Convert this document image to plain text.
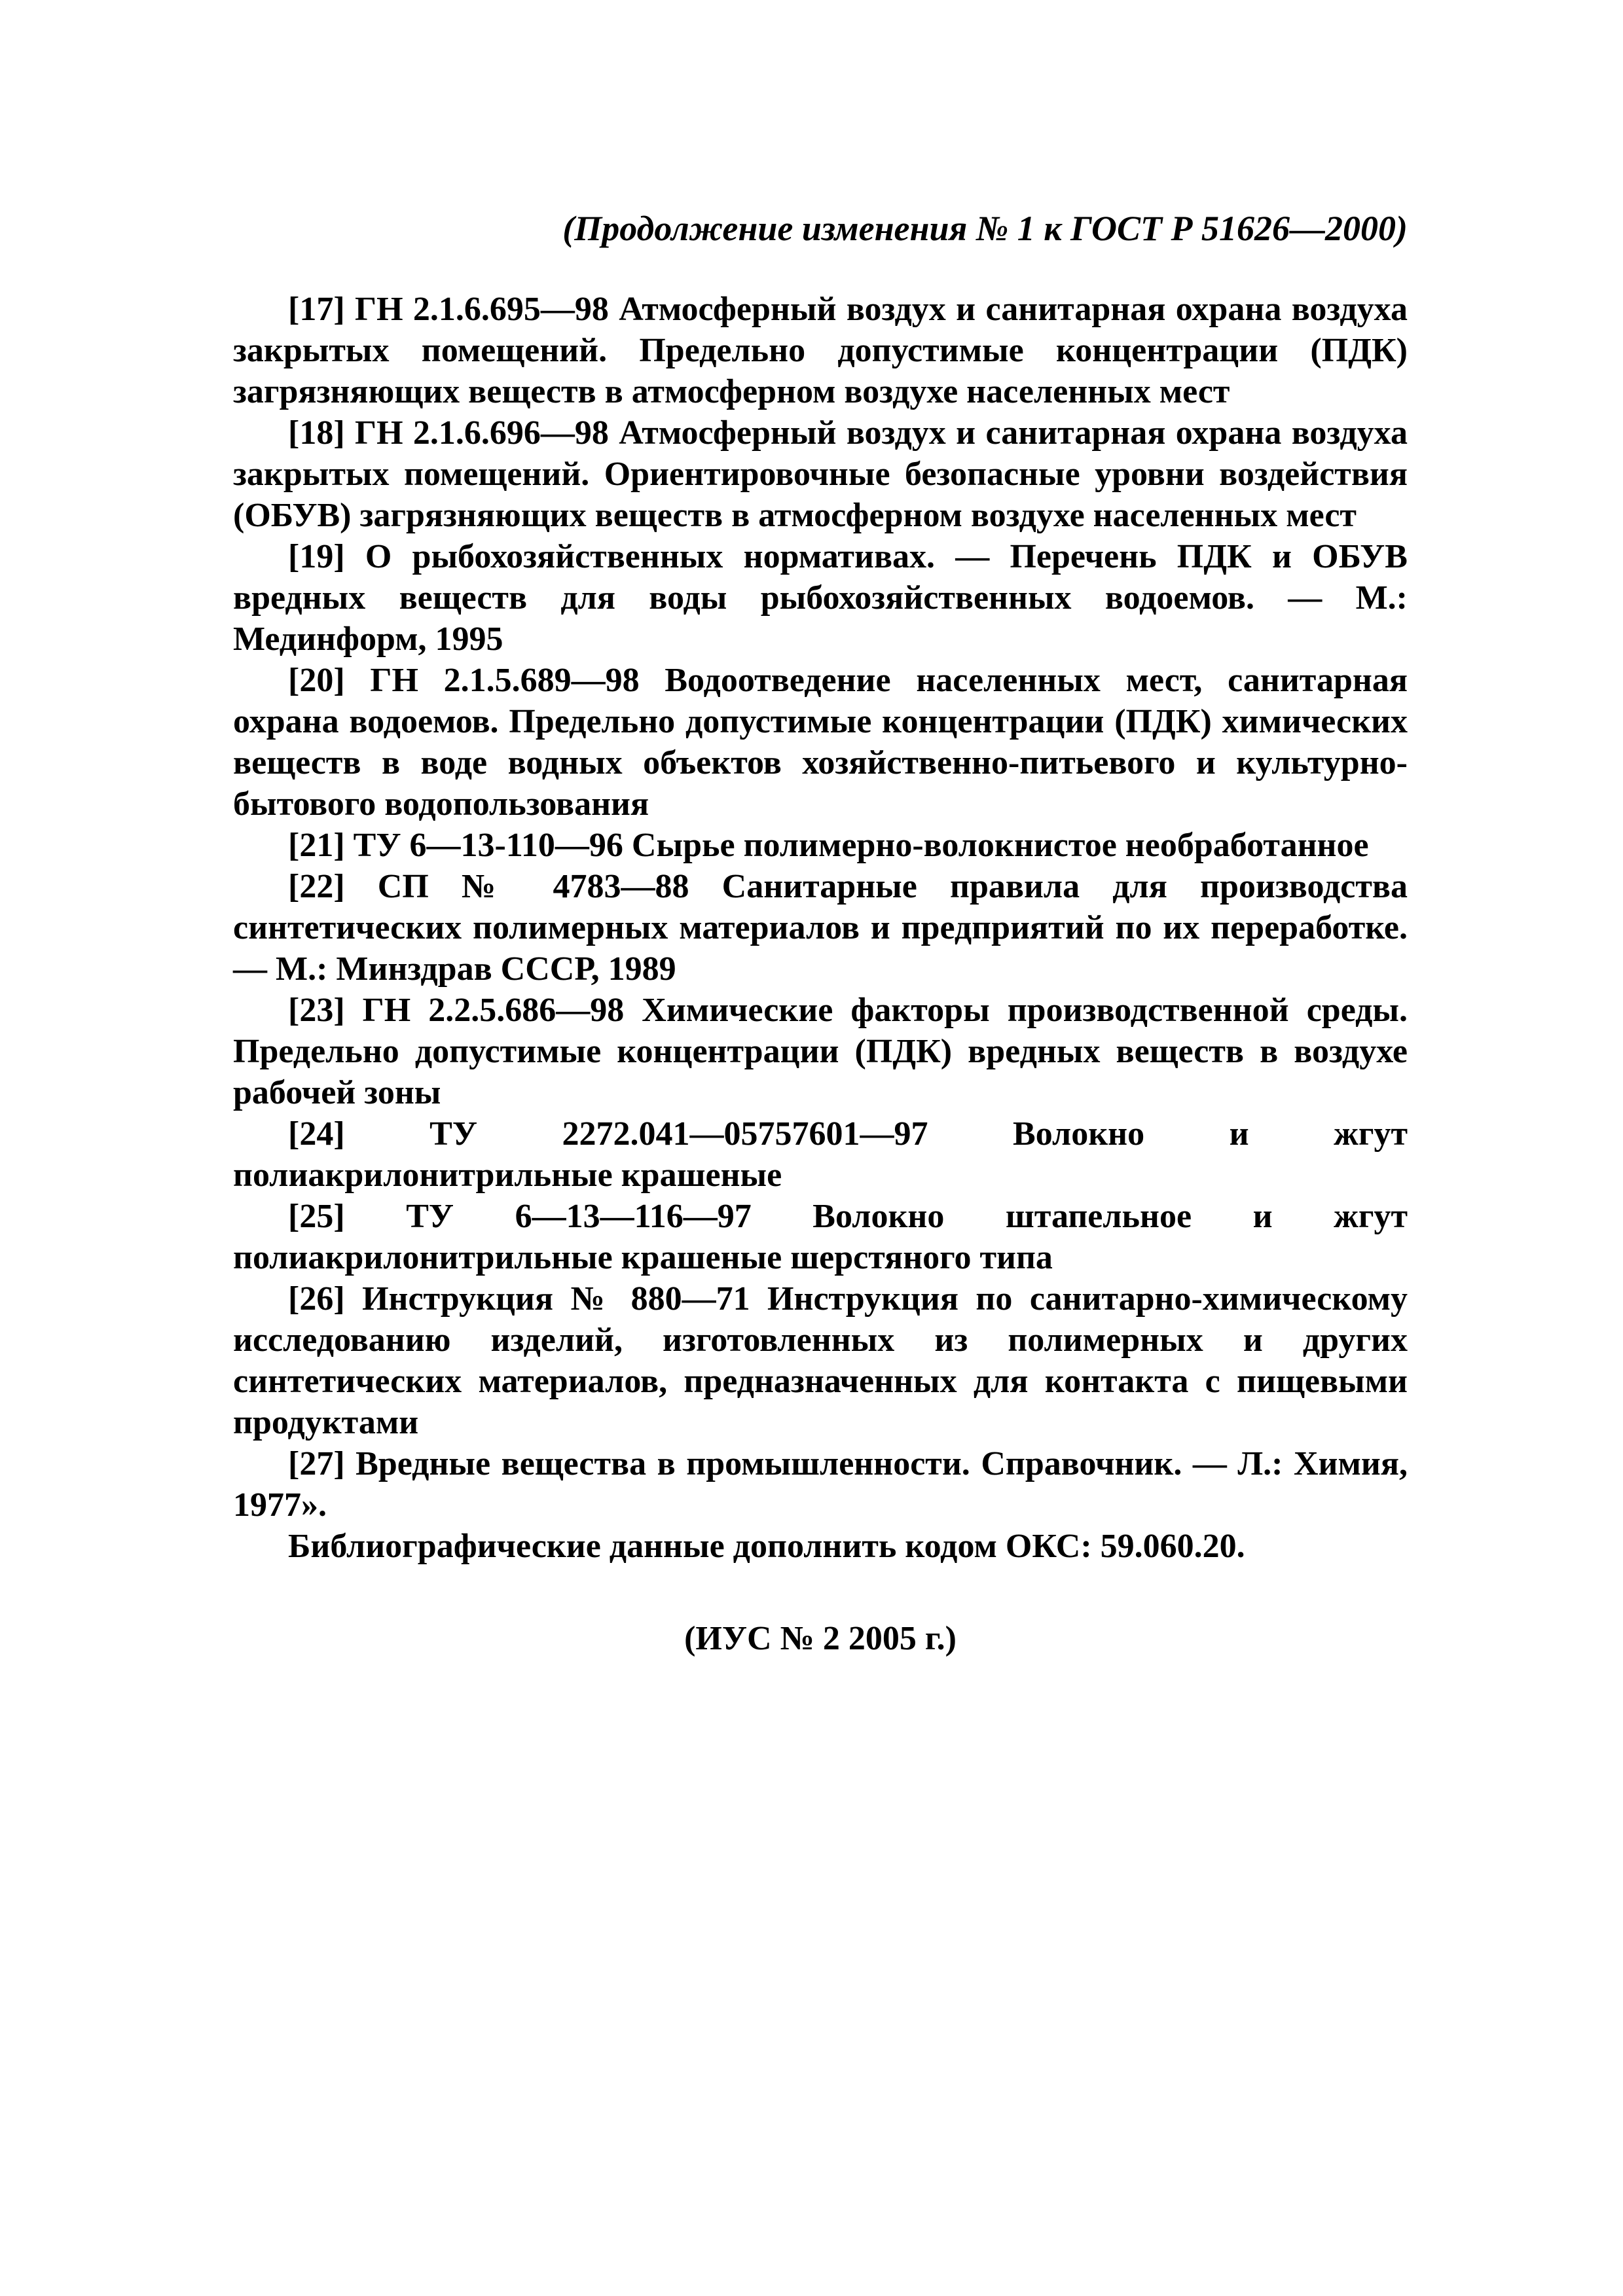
(Продолжение изменения № 1 к ГОСТ Р 51626—2000)

[17] ГН 2.1.6.695—98 Атмосферный воздух и санитарная охрана воздуха закрытых помещений. Предельно допустимые концентрации (ПДК) загрязняющих веществ в атмосферном воздухе населенных мест

[18] ГН 2.1.6.696—98 Атмосферный воздух и санитарная охрана воздуха закрытых помещений. Ориентировочные безопасные уровни воздействия (ОБУВ) загрязняющих веществ в атмосферном воздухе населенных мест

[19] О рыбохозяйственных нормативах. — Перечень ПДК и ОБУВ вредных веществ для воды рыбохозяйственных водоемов. — М.: Мединформ, 1995

[20] ГН 2.1.5.689—98 Водоотведение населенных мест, санитарная охрана водоемов. Предельно допустимые концентрации (ПДК) химических веществ в воде водных объектов хозяйственно-питьевого и культурно-бытового водопользования

[21] ТУ 6—13-110—96 Сырье полимерно-волокнистое необработанное

[22] СП № 4783—88 Санитарные правила для производства синтетических полимерных материалов и предприятий по их переработке. — М.: Минздрав СССР, 1989

[23] ГН 2.2.5.686—98 Химические факторы производственной среды. Предельно допустимые концентрации (ПДК) вредных веществ в воздухе рабочей зоны

[24] ТУ 2272.041—05757601—97 Волокно и жгут полиакрилонитрильные крашеные

[25] ТУ 6—13—116—97 Волокно штапельное и жгут полиакрилонитрильные крашеные шерстяного типа

[26] Инструкция № 880—71 Инструкция по санитарно-химическому исследованию изделий, изготовленных из полимерных и других синтетических материалов, предназначенных для контакта с пищевыми продуктами

[27] Вредные вещества в промышленности. Справочник. — Л.: Химия, 1977».

Библиографические данные дополнить кодом ОКС: 59.060.20.

(ИУС № 2 2005 г.)
